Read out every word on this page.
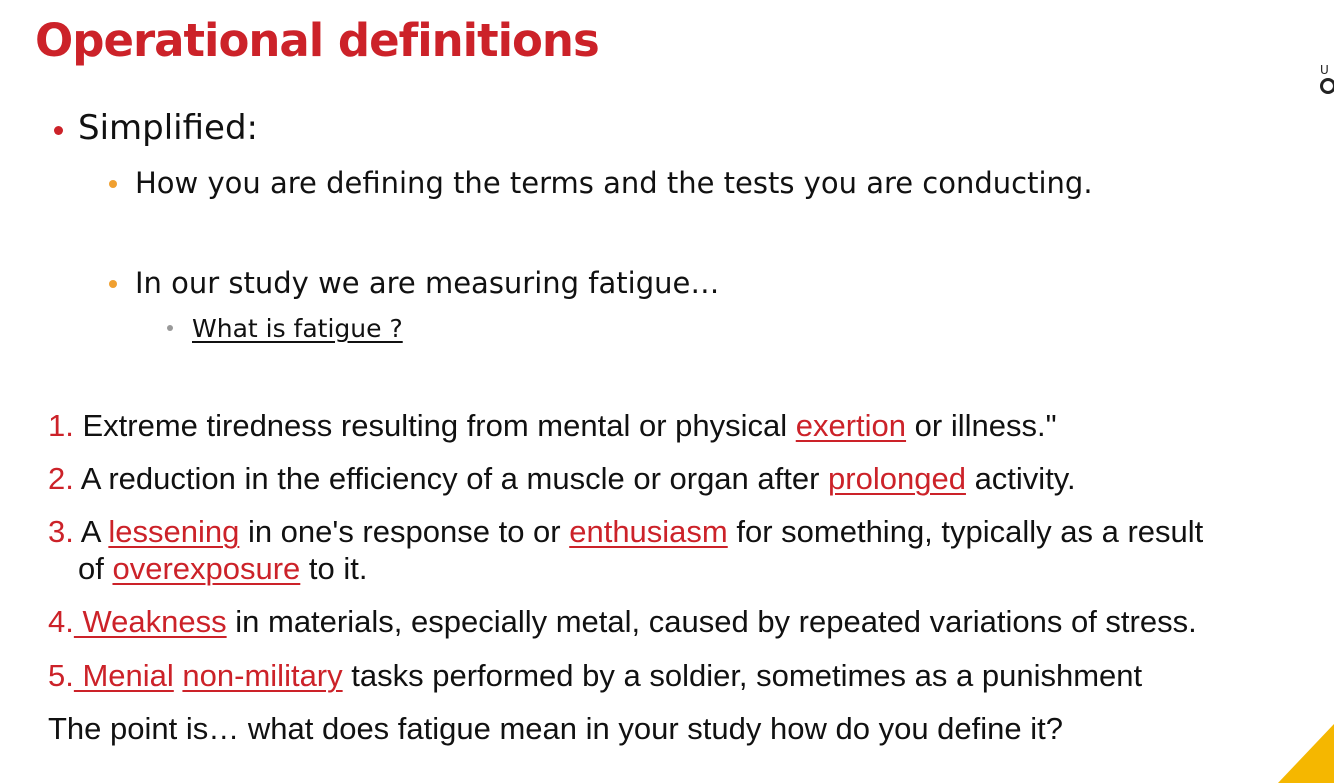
Operational definitions
U
Simplified:
How you are defining the terms and the tests you are conducting.
In our study we are measuring fatigue…
What is fatigue ?
1. Extreme tiredness resulting from mental or physical exertion or illness."
2. A reduction in the efficiency of a muscle or organ after prolonged activity.
3. A lessening in one's response to or enthusiasm for something, typically as a result
of overexposure to it.
4. Weakness in materials, especially metal, caused by repeated variations of stress.
5. Menial non-military tasks performed by a soldier, sometimes as a punishment
The point is… what does fatigue mean in your study how do you define it?
